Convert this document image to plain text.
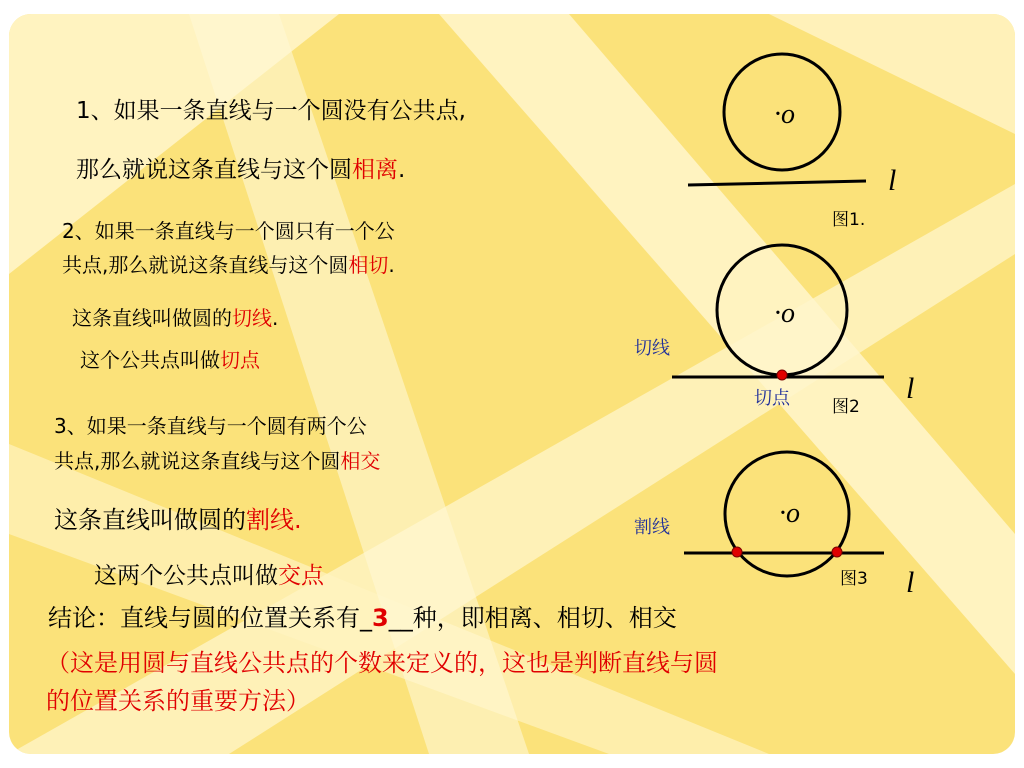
1、如果一条直线与一个圆没有公共点,
那么就说这条直线与这个圆相离.
2、如果一条直线与一个圆只有一个公
共点,那么就说这条直线与这个圆相切.
这条直线叫做圆的切线.
这个公共点叫做切点
3、如果一条直线与一个圆有两个公
共点,那么就说这条直线与这个圆相交
这条直线叫做圆的割线.
这两个公共点叫做交点
结论：直线与圆的位置关系有_3__种，即相离、相切、相交
（这是用圆与直线公共点的个数来定义的，这也是判断直线与圆
的位置关系的重要方法）
·o
l
图1.
·o
l
切线
切点 图2
·o
l
割线
图3
